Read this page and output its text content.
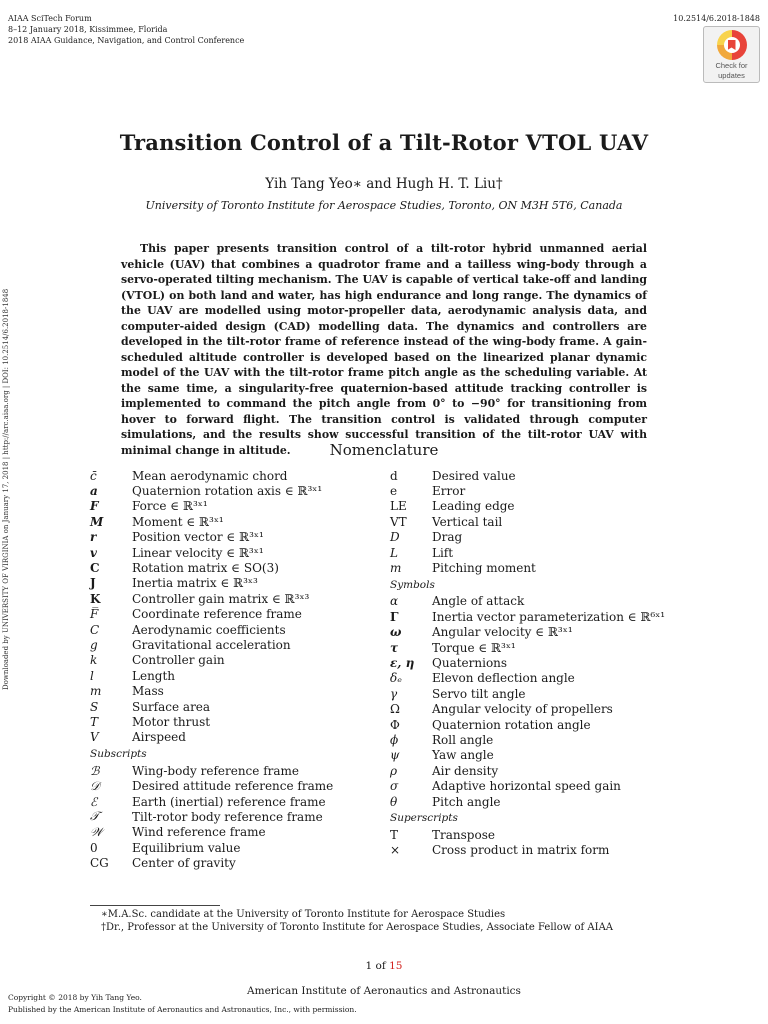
AIAA SciTech Forum
8–12 January 2018, Kissimmee, Florida
2018 AIAA Guidance, Navigation, and Control Conference
10.2514/6.2018-1848
Check for
updates
Downloaded by UNIVERSITY OF VIRGINIA on January 17, 2018 | http://arc.aiaa.org | DOI: 10.2514/6.2018-1848
Transition Control of a Tilt-Rotor VTOL UAV
Yih Tang Yeo∗ and Hugh H. T. Liu†
University of Toronto Institute for Aerospace Studies, Toronto, ON M3H 5T6, Canada
This paper presents transition control of a tilt-rotor hybrid unmanned aerial vehicle (UAV) that combines a quadrotor frame and a tailless wing-body through a servo-operated tilting mechanism. The UAV is capable of vertical take-off and landing (VTOL) on both land and water, has high endurance and long range. The dynamics of the UAV are modelled using motor-propeller data, aerodynamic analysis data, and computer-aided design (CAD) modelling data. The dynamics and controllers are developed in the tilt-rotor frame of reference instead of the wing-body frame. A gain-scheduled altitude controller is developed based on the linearized planar dynamic model of the UAV with the tilt-rotor frame pitch angle as the scheduling variable. At the same time, a singularity-free quaternion-based attitude tracking controller is implemented to command the pitch angle from 0° to −90° for transitioning from hover to forward flight. The transition control is validated through computer simulations, and the results show successful transition of the tilt-rotor UAV with minimal change in altitude.	Nomenclature
c̄	Mean aerodynamic chord
a	Quaternion rotation axis ∈ ℝ³ˣ¹
F	Force ∈ ℝ³ˣ¹
M	Moment ∈ ℝ³ˣ¹
r	Position vector ∈ ℝ³ˣ¹
v	Linear velocity ∈ ℝ³ˣ¹
C	Rotation matrix ∈ SO(3)
J	Inertia matrix ∈ ℝ³ˣ³
K	Controller gain matrix ∈ ℝ³ˣ³
F̅	Coordinate reference frame
C	Aerodynamic coefficients
g	Gravitational acceleration
k	Controller gain
l	Length
m	Mass
S	Surface area
T	Motor thrust
V	Airspeed
Subscripts
ℬ	Wing-body reference frame
𝒟	Desired attitude reference frame
ℰ	Earth (inertial) reference frame
𝒯	Tilt-rotor body reference frame
𝒲	Wind reference frame
0	Equilibrium value
CG	Center of gravity
d	Desired value
e	Error
LE	Leading edge
VT	Vertical tail
D	Drag
L	Lift
m	Pitching moment
Symbols
α	Angle of attack
Γ	Inertia vector parameterization ∈ ℝ⁶ˣ¹
ω	Angular velocity ∈ ℝ³ˣ¹
τ	Torque ∈ ℝ³ˣ¹
ε, η	Quaternions
δₑ	Elevon deflection angle
γ	Servo tilt angle
Ω	Angular velocity of propellers
Φ	Quaternion rotation angle
ϕ	Roll angle
ψ	Yaw angle
ρ	Air density
σ	Adaptive horizontal speed gain
θ	Pitch angle
Superscripts
T	Transpose
×	Cross product in matrix form
∗M.A.Sc. candidate at the University of Toronto Institute for Aerospace Studies
†Dr., Professor at the University of Toronto Institute for Aerospace Studies, Associate Fellow of AIAA
1 of 15
American Institute of Aeronautics and Astronautics
Copyright © 2018 by Yih Tang Yeo.
Published by the American Institute of Aeronautics and Astronautics, Inc., with permission.
